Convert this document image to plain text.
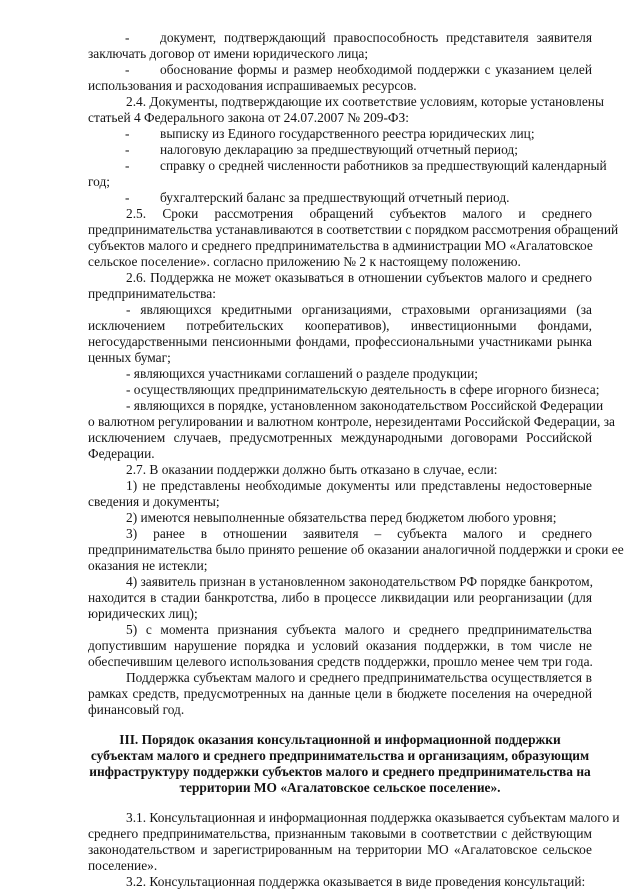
-
-
-
-
-
-
документ, подтверждающий правоспособность представителя заявителя
заключать договор от имени юридического лица;
обоснование формы и размер необходимой поддержки с указанием целей
использования и расходования испрашиваемых ресурсов.
2.4. Документы, подтверждающие их соответствие условиям, которые установлены
статьей 4 Федерального закона от 24.07.2007 № 209-ФЗ:
выписку из Единого государственного реестра юридических лиц;
налоговую декларацию за предшествующий отчетный период;
справку о средней численности работников за предшествующий календарный
год;
бухгалтерский баланс за предшествующий отчетный период.
2.5. Сроки рассмотрения обращений субъектов малого и среднего
предпринимательства устанавливаются в соответствии с порядком рассмотрения обращений
субъектов малого и среднего предпринимательства в администрации МО «Агалатовское
сельское поселение». согласно приложению № 2 к настоящему положению.
2.6. Поддержка не может оказываться в отношении субъектов малого и среднего
предпринимательства:
- являющихся кредитными организациями, страховыми организациями (за
исключением потребительских кооперативов), инвестиционными фондами,
негосударственными пенсионными фондами, профессиональными участниками рынка
ценных бумаг;
- являющихся участниками соглашений о разделе продукции;
- осуществляющих предпринимательскую деятельность в сфере игорного бизнеса;
- являющихся в порядке, установленном законодательством Российской Федерации
о валютном регулировании и валютном контроле, нерезидентами Российской Федерации, за
исключением случаев, предусмотренных международными договорами Российской
Федерации.
2.7. В оказании поддержки должно быть отказано в случае, если:
1) не представлены необходимые документы или представлены недостоверные
сведения и документы;
2) имеются невыполненные обязательства перед бюджетом любого уровня;
3) ранее в отношении заявителя – субъекта малого и среднего
предпринимательства было принято решение об оказании аналогичной поддержки и сроки ее
оказания не истекли;
4) заявитель признан в установленном законодательством РФ порядке банкротом,
находится в стадии банкротства, либо в процессе ликвидации или реорганизации (для
юридических лиц);
5) с момента признания субъекта малого и среднего предпринимательства
допустившим нарушение порядка и условий оказания поддержки, в том числе не
обеспечившим целевого использования средств поддержки, прошло менее чем три года.
Поддержка субъектам малого и среднего предпринимательства осуществляется в
рамках средств, предусмотренных на данные цели в бюджете поселения на очередной
финансовый год.
III. Порядок оказания консультационной и информационной поддержки
субъектам малого и среднего предпринимательства и организациям, образующим
инфраструктуру поддержки субъектов малого и среднего предпринимательства на
территории МО «Агалатовское сельское поселение».
3.1. Консультационная и информационная поддержка оказывается субъектам малого и
среднего предпринимательства, признанным таковыми в соответствии с действующим
законодательством и зарегистрированным на территории МО «Агалатовское сельское
поселение».
3.2. Консультационная поддержка оказывается в виде проведения консультаций:
